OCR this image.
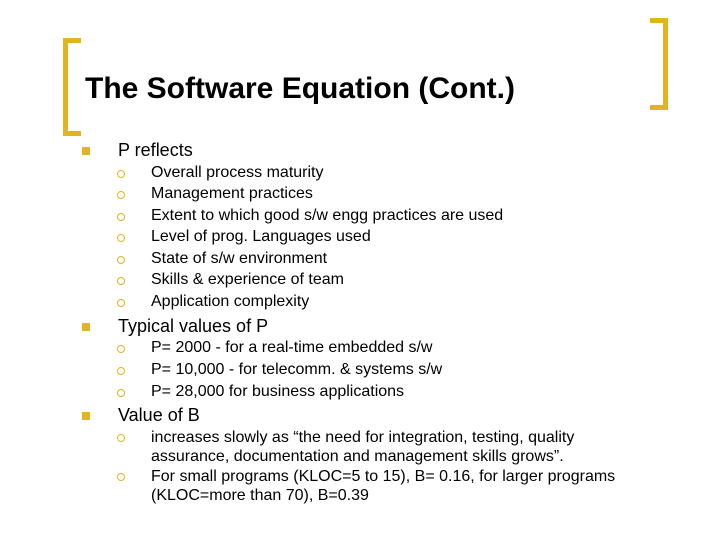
The Software Equation (Cont.)
P reflects
Overall process maturity
Management practices
Extent to which good s/w engg practices are used
Level of prog. Languages used
State of s/w environment
Skills & experience of team
Application complexity
Typical values of P
P= 2000 - for a real-time embedded s/w
P= 10,000 - for telecomm. & systems s/w
P= 28,000 for business applications
Value of B
increases slowly as “the need for integration, testing, quality assurance, documentation and management skills grows”.
For small programs (KLOC=5 to 15), B= 0.16, for larger programs (KLOC=more than 70), B=0.39
